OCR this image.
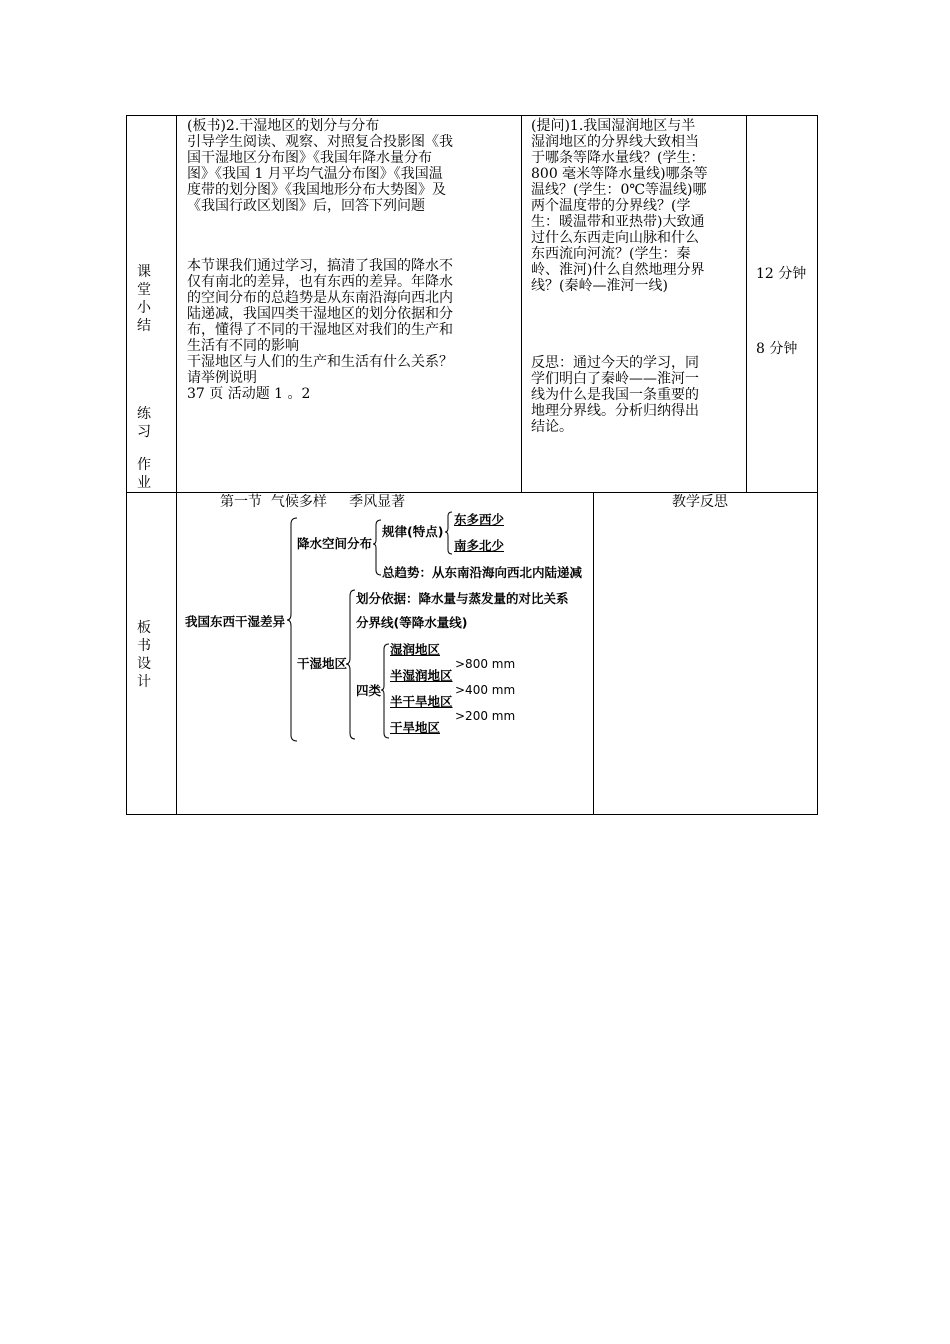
课
堂
小
结
练
习
作
业
(板书)2.干湿地区的划分与分布
引导学生阅读、观察、对照复合投影图《我
国干湿地区分布图》《我国年降水量分布
图》《我国 1 月平均气温分布图》《我国温
度带的划分图》《我国地形分布大势图》及
《我国行政区划图》后，回答下列问题
本节课我们通过学习，搞清了我国的降水不
仅有南北的差异，也有东西的差异。年降水
的空间分布的总趋势是从东南沿海向西北内
陆递减，我国四类干湿地区的划分依据和分
布，懂得了不同的干湿地区对我们的生产和
生活有不同的影响
干湿地区与人们的生产和生活有什么关系？
请举例说明
37 页 活动题 1 。2
(提问)1.我国湿润地区与半
湿润地区的分界线大致相当
于哪条等降水量线？(学生：
800 毫米等降水量线)哪条等
温线？(学生：0℃等温线)哪
两个温度带的分界线？(学
生：暖温带和亚热带)大致通
过什么东西走向山脉和什么
东西流向河流？(学生：秦
岭、淮河)什么自然地理分界
线？(秦岭—淮河一线)
反思：通过今天的学习，同
学们明白了秦岭——淮河一
线为什么是我国一条重要的
地理分界线。分析归纳得出
结论。
12 分钟
8 分钟
板
书
设
计
第一节  气候多样     季风显著	教学反思
我国东西干湿差异
降水空间分布
规律(特点)
东多西少
南多北少
总趋势：从东南沿海向西北内陆递减
干湿地区
划分依据：降水量与蒸发量的对比关系
分界线(等降水量线)
四类
湿润地区
半湿润地区
半干旱地区
干旱地区
>800 mm
>400 mm
>200 mm
